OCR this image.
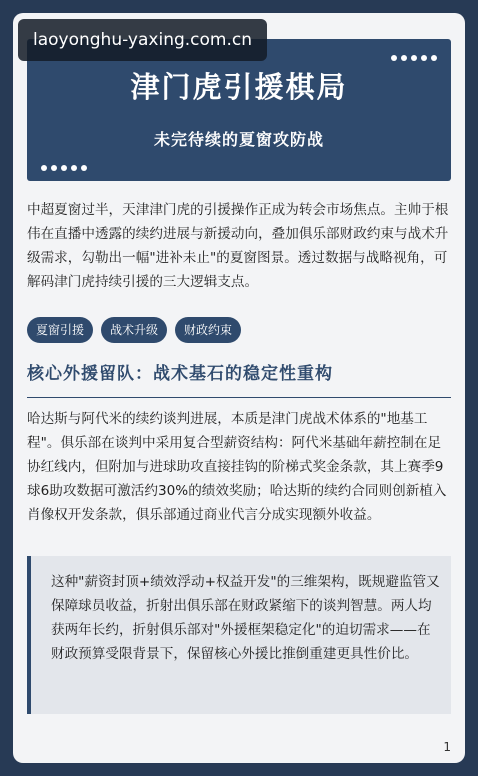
laoyonghu-yaxing.com.cn
津门虎引援棋局
未完待续的夏窗攻防战

中超夏窗过半，天津津门虎的引援操作正成为转会市场焦点。主帅于根伟在直播中透露的续约进展与新援动向，叠加俱乐部财政约束与战术升级需求，勾勒出一幅"进补未止"的夏窗图景。透过数据与战略视角，可解码津门虎持续引援的三大逻辑支点。

夏窗引援	战术升级	财政约束
核心外援留队：战术基石的稳定性重构

哈达斯与阿代米的续约谈判进展，本质是津门虎战术体系的"地基工程"。俱乐部在谈判中采用复合型薪资结构：阿代米基础年薪控制在足协红线内，但附加与进球助攻直接挂钩的阶梯式奖金条款，其上赛季9球6助攻数据可激活约30%的绩效奖励；哈达斯的续约合同则创新植入肖像权开发条款，俱乐部通过商业代言分成实现额外收益。

这种"薪资封顶+绩效浮动+权益开发"的三维架构，既规避监管又保障球员收益，折射出俱乐部在财政紧缩下的谈判智慧。两人均获两年长约，折射俱乐部对"外援框架稳定化"的迫切需求——在财政预算受限背景下，保留核心外援比推倒重建更具性价比。

1
